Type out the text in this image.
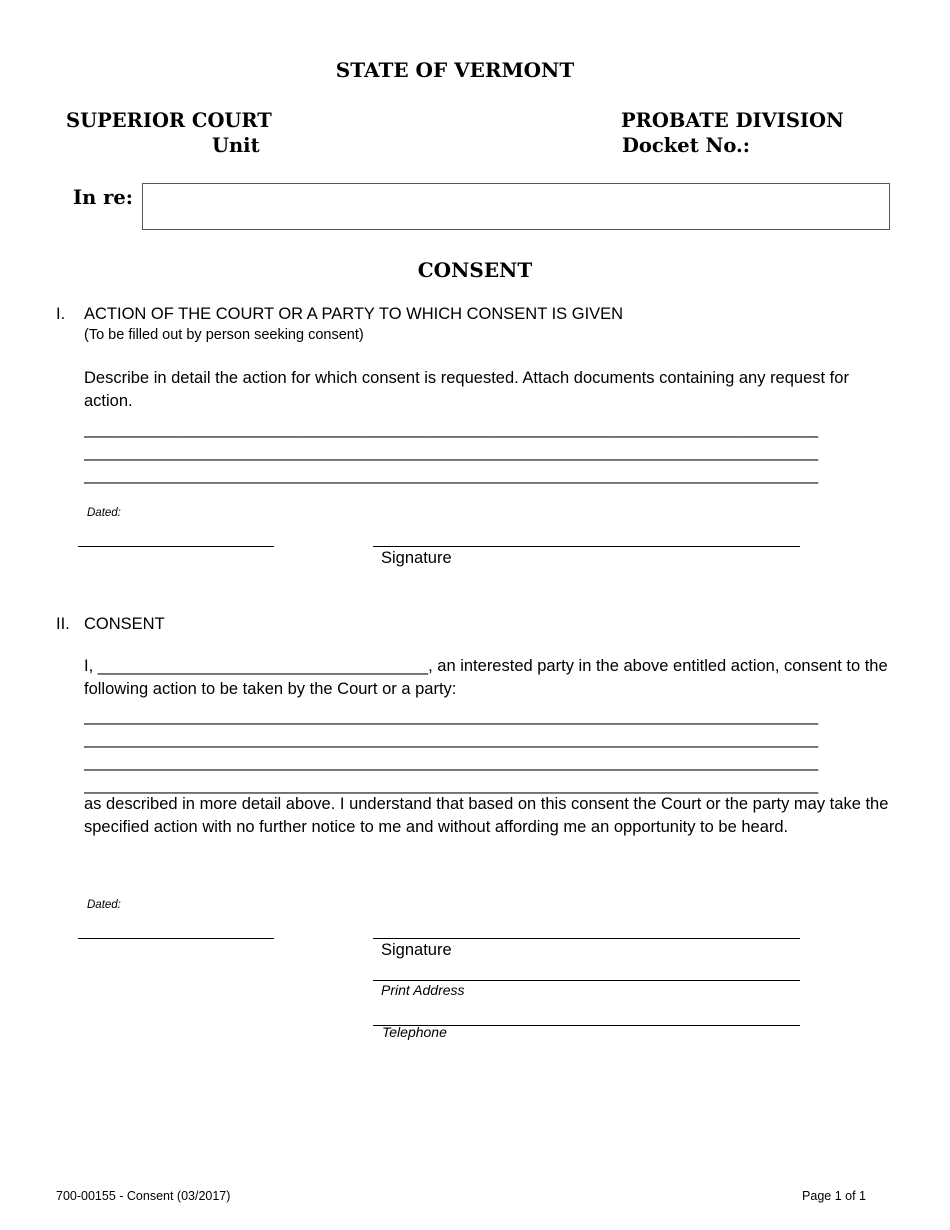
STATE OF VERMONT
SUPERIOR COURT
Unit
PROBATE DIVISION
Docket No.:
In re:
CONSENT
I. ACTION OF THE COURT OR A PARTY TO WHICH CONSENT IS GIVEN
(To be filled out by person seeking consent)
Describe in detail the action for which consent is requested. Attach documents containing any request for action.
________________________________________________________________________________
________________________________________________________________________________
________________________________________________________________________________
Dated:
Signature
II. CONSENT
I, ____________________________________, an interested party in the above entitled action, consent to the following action to be taken by the Court or a party:
________________________________________________________________________________
________________________________________________________________________________
________________________________________________________________________________
________________________________________________________________________________
as described in more detail above. I understand that based on this consent the Court or the party may take the specified action with no further notice to me and without affording me an opportunity to be heard.
Dated:
Signature
Print Address
Telephone
700-00155 - Consent (03/2017)	Page 1 of 1
